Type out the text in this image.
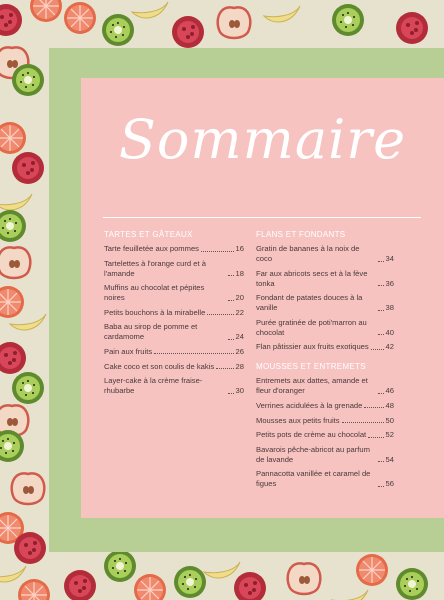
Sommaire
TARTES ET GÂTEAUX
Tarte feuilletée aux pommes	16
Tartelettes à l'orange curd et à l'amande	18
Muffins au chocolat et pépites noires	20
Petits bouchons à la mirabelle	22
Baba au sirop de pomme et cardamome	24
Pain aux fruits	26
Cake coco et son coulis de kakis	28
Layer-cake à la crème fraise-rhubarbe	30
FLANS ET FONDANTS
Gratin de bananes à la noix de coco	34
Far aux abricots secs et à la fève tonka	36
Fondant de patates douces à la vanille	38
Purée gratinée de poti'marron au chocolat	40
Flan pâtissier aux fruits exotiques 42
MOUSSES ET ENTREMETS
Entremets aux dattes, amande et fleur d'oranger	46
Verrines acidulées à la grenade	48
Mousses aux petits fruits	50
Petits pots de crème au chocolat	52
Bavarois pêche-abricot au parfum de lavande	54
Pannacotta vanillée et caramel de figues	56
